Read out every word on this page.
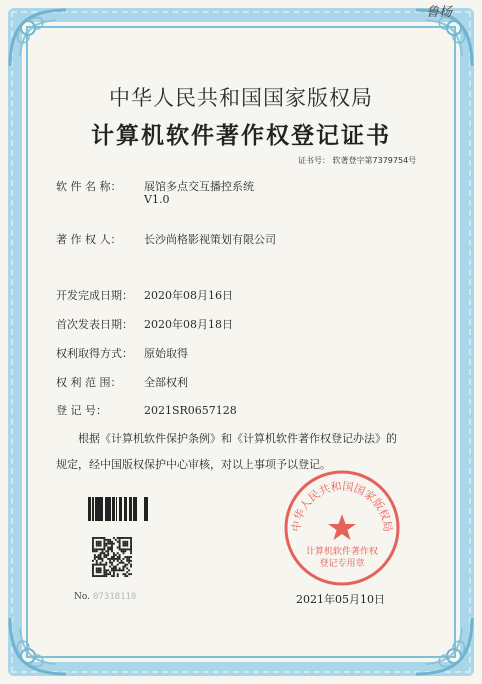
鲁杨
中华人民共和国国家版权局
计算机软件著作权登记证书
证书号： 软著登字第7379754号
软 件 名 称： 展馆多点交互播控系统
V1.0
著 作 权 人： 长沙尚格影视策划有限公司
开发完成日期： 2020年08月16日
首次发表日期： 2020年08月18日
权利取得方式： 原始取得
权 利 范 围： 全部权利
登 记 号：	2021SR0657128
根据《计算机软件保护条例》和《计算机软件著作权登记办法》的
规定，经中国版权保护中心审核，对以上事项予以登记。
No. 07318110
中华人民共和国国家版权局
计算机软件著作权
登记专用章
2021年05月10日
